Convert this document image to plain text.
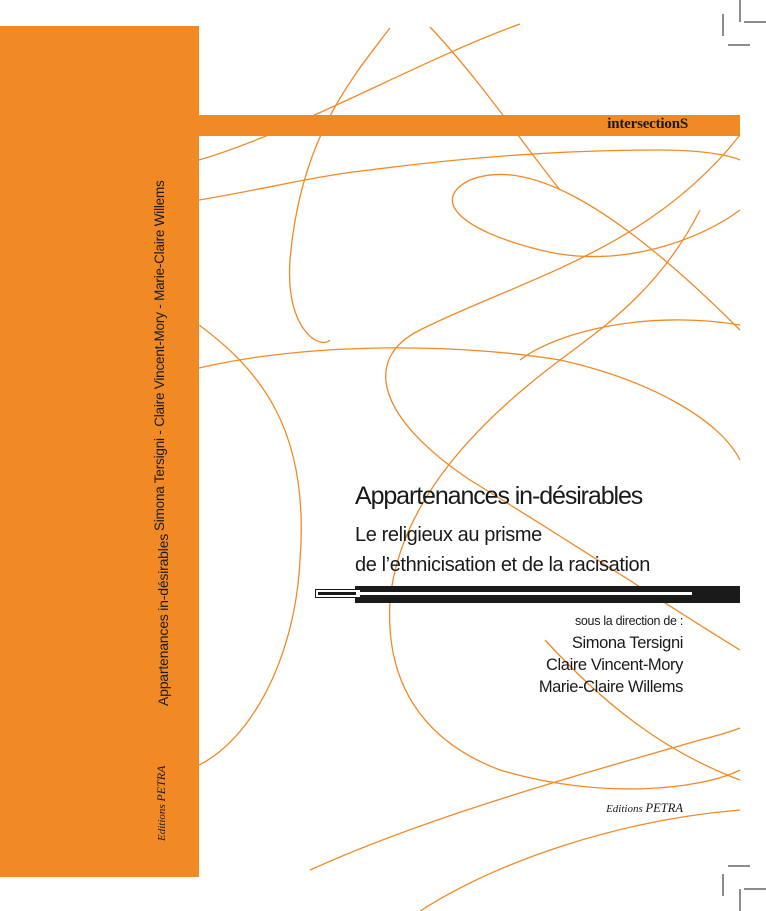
Simona Tersigni - Claire Vincent-Mory - Marie-Claire Willems
Appartenances in-désirables
Editions PETRA
intersectionS
Appartenances in-désirables
Le religieux au prisme
de l’ethnicisation et de la racisation
sous la direction de :
Simona Tersigni
Claire Vincent-Mory
Marie-Claire Willems
Editions PETRA
